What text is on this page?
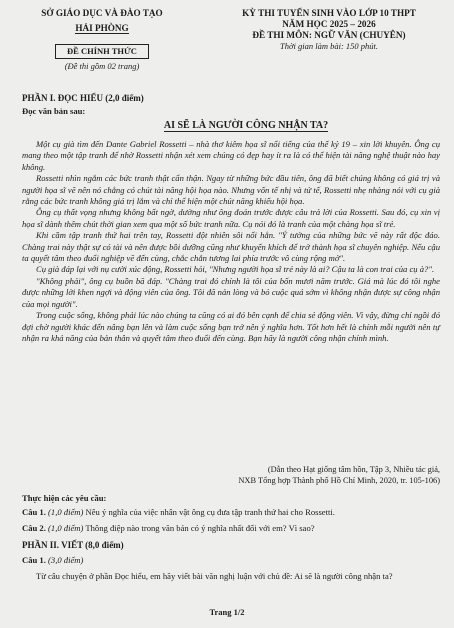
SỞ GIÁO DỤC VÀ ĐÀO TẠO
HẢI PHÒNG
ĐỀ CHÍNH THỨC
(Đề thi gồm 02 trang)
KỲ THI TUYỂN SINH VÀO LỚP 10 THPT
NĂM HỌC 2025 – 2026
ĐỀ THI MÔN: NGỮ VĂN (CHUYÊN)
Thời gian làm bài: 150 phút.
PHẦN I. ĐỌC HIỂU (2,0 điểm)
Đọc văn bản sau:
AI SẼ LÀ NGƯỜI CÔNG NHẬN TA?

Một cụ già tìm đến Dante Gabriel Rossetti – nhà thơ kiêm họa sĩ nổi tiếng của thế kỷ 19 – xin lời khuyên. Ông cụ mang theo một tập tranh để nhờ Rossetti nhận xét xem chúng có đẹp hay ít ra là có thể hiện tài năng nghệ thuật nào hay không.

Rossetti nhìn ngắm các bức tranh thật cẩn thận. Ngay từ những bức đầu tiên, ông đã biết chúng không có giá trị và người họa sĩ vẽ nên nó chẳng có chút tài năng hội họa nào. Nhưng vốn tế nhị và tử tế, Rossetti nhẹ nhàng nói với cụ già rằng các bức tranh không giá trị lắm và chỉ thể hiện một chút năng khiếu hội họa.

Ông cụ thất vọng nhưng không bất ngờ, dường như ông đoán trước được câu trả lời của Rossetti. Sau đó, cụ xin vị họa sĩ dành thêm chút thời gian xem qua một số bức tranh nữa. Cụ nói đó là tranh của một chàng họa sĩ trẻ.

Khi cầm tập tranh thứ hai trên tay, Rossetti đột nhiên sôi nổi hẳn. "Ý tưởng của những bức vẽ này rất độc đáo. Chàng trai này thật sự có tài và nên được bồi dưỡng cũng như khuyến khích để trở thành họa sĩ chuyên nghiệp. Nếu cậu ta quyết tâm theo đuổi nghiệp vẽ đến cùng, chắc chắn tương lai phía trước vô cùng rộng mở".

Cụ già đáp lại với nụ cười xúc động, Rossetti hỏi, "Nhưng người họa sĩ trẻ này là ai? Cậu ta là con trai của cụ à?".

"Không phải", ông cụ buồn bã đáp. "Chàng trai đó chính là tôi của bốn mươi năm trước. Giá mà lúc đó tôi nghe được những lời khen ngợi và động viên của ông. Tôi đã nản lòng và bỏ cuộc quá sớm vì không nhận được sự công nhận của mọi người".

Trong cuộc sống, không phải lúc nào chúng ta cũng có ai đó bên cạnh để chia sẻ động viên. Vì vậy, đừng chỉ ngồi đó đợi chờ người khác đến nâng bạn lên và làm cuộc sống bạn trở nên ý nghĩa hơn. Tốt hơn hết là chính mỗi người nên tự nhận ra khả năng của bản thân và quyết tâm theo đuổi đến cùng. Bạn hãy là người công nhận chính mình.

(Dẫn theo Hạt giống tâm hồn, Tập 3, Nhiều tác giả,
NXB Tổng hợp Thành phố Hồ Chí Minh, 2020, tr. 105-106)
Thực hiện các yêu cầu:
Câu 1. (1,0 điểm) Nêu ý nghĩa của việc nhân vật ông cụ đưa tập tranh thứ hai cho Rossetti.
Câu 2. (1,0 điểm) Thông điệp nào trong văn bản có ý nghĩa nhất đối với em? Vì sao?
PHẦN II. VIẾT (8,0 điểm)
Câu 1. (3,0 điểm)

Từ câu chuyện ở phần Đọc hiểu, em hãy viết bài văn nghị luận với chủ đề: Ai sẽ là người công nhận ta?

Trang 1/2
